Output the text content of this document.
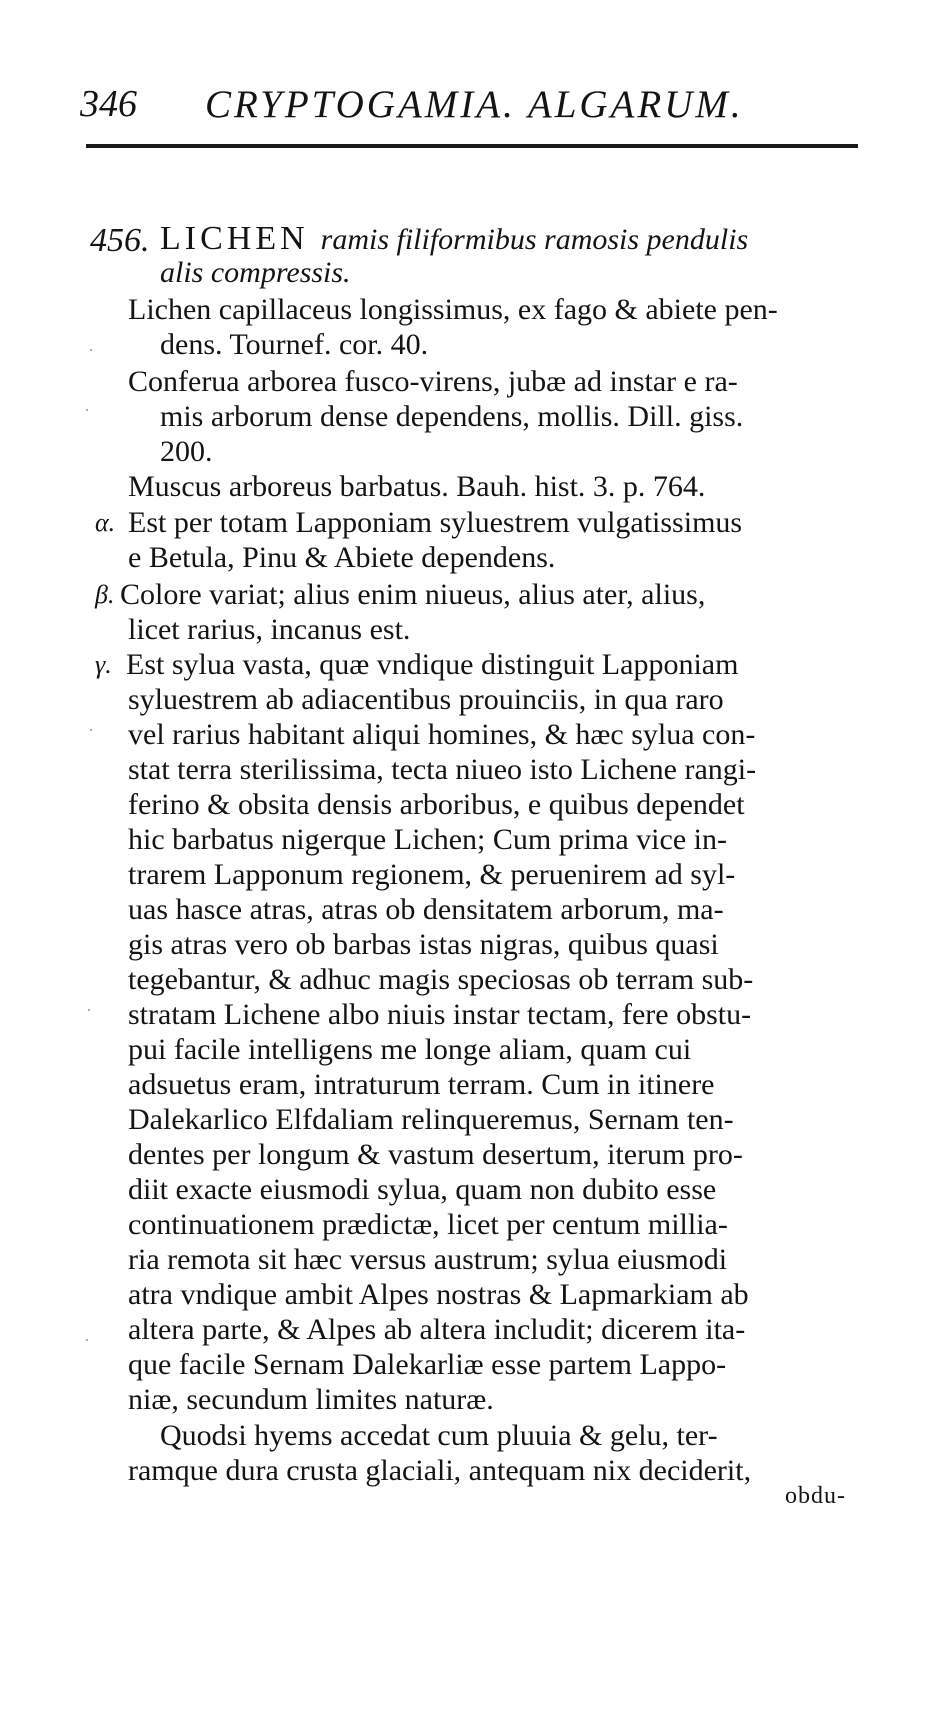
346 CRYPTOGAMIA. ALGARUM.
456. LICHEN ramis filiformibus ramosis pendulis
alis compressis.
Lichen capillaceus longissimus, ex fago & abiete pen-
dens. Tournef. cor. 40.
Conferua arborea fusco-virens, jubæ ad instar e ra-
mis arborum dense dependens, mollis. Dill. giss.
200.
Muscus arboreus barbatus. Bauh. hist. 3. p. 764.
α. Est per totam Lapponiam syluestrem vulgatissimus
e Betula, Pinu & Abiete dependens.
β. Colore variat; alius enim niueus, alius ater, alius,
licet rarius, incanus est.
γ. Est sylua vasta, quæ vndique distinguit Lapponiam
syluestrem ab adiacentibus prouinciis, in qua raro
vel rarius habitant aliqui homines, & hæc sylua con-
stat terra sterilissima, tecta niueo isto Lichene rangi-
ferino & obsita densis arboribus, e quibus dependet
hic barbatus nigerque Lichen; Cum prima vice in-
trarem Lapponum regionem, & peruenirem ad syl-
uas hasce atras, atras ob densitatem arborum, ma-
gis atras vero ob barbas istas nigras, quibus quasi
tegebantur, & adhuc magis speciosas ob terram sub-
stratam Lichene albo niuis instar tectam, fere obstu-
pui facile intelligens me longe aliam, quam cui
adsuetus eram, intraturum terram. Cum in itinere
Dalekarlico Elfdaliam relinqueremus, Sernam ten-
dentes per longum & vastum desertum, iterum pro-
diit exacte eiusmodi sylua, quam non dubito esse
continuationem prædictæ, licet per centum millia-
ria remota sit hæc versus austrum; sylua eiusmodi
atra vndique ambit Alpes nostras & Lapmarkiam ab
altera parte, & Alpes ab altera includit; dicerem ita-
que facile Sernam Dalekarliæ esse partem Lappo-
niæ, secundum limites naturæ.
Quodsi hyems accedat cum pluuia & gelu, ter-
ramque dura crusta glaciali, antequam nix deciderit,
obdu-
·
·
·
·
·
